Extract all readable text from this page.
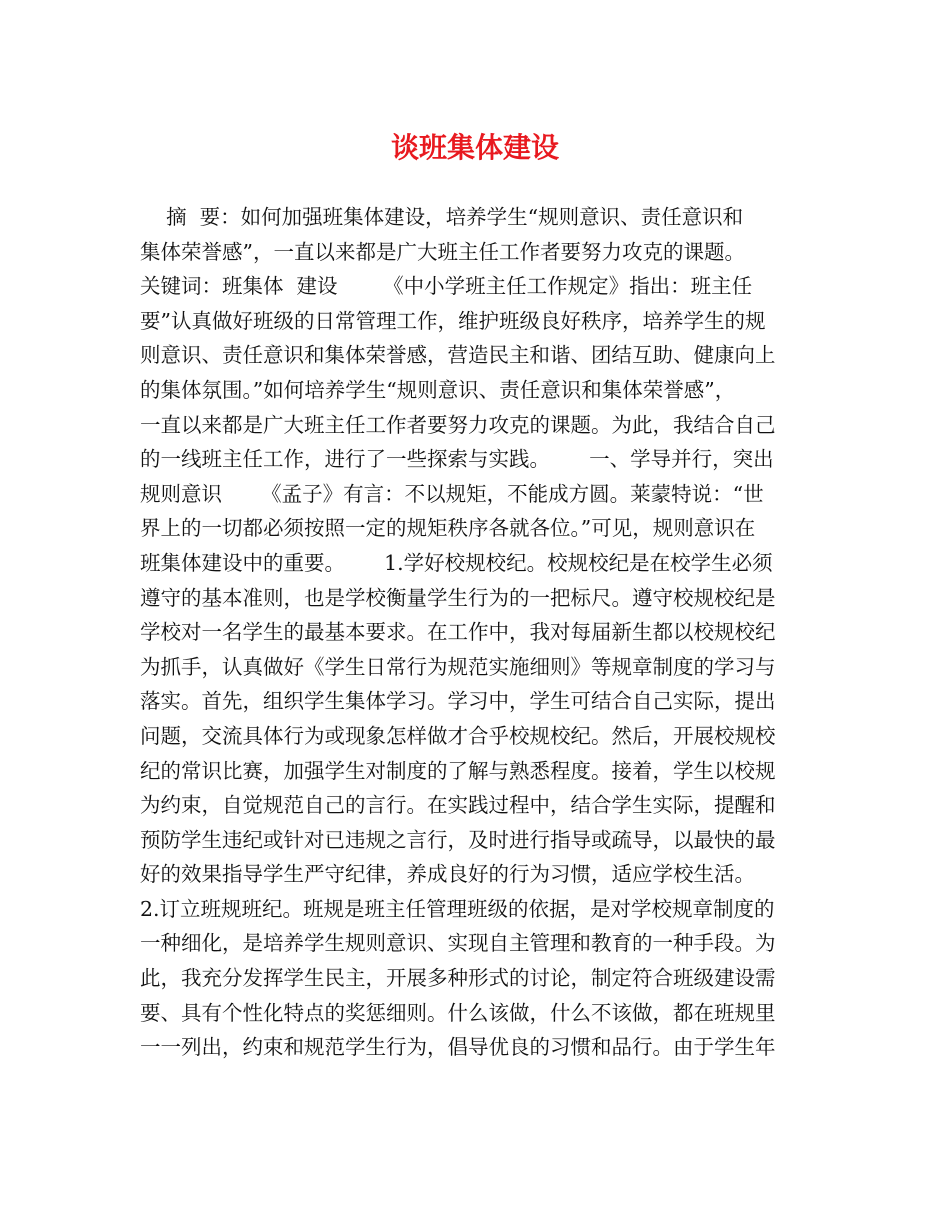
谈班集体建设
摘  要：如何加强班集体建设，培养学生“规则意识、责任意识和
集体荣誉感”，一直以来都是广大班主任工作者要努力攻克的课题。
关键词：班集体  建设       《中小学班主任工作规定》指出：班主任
要”认真做好班级的日常管理工作，维护班级良好秩序，培养学生的规
则意识、责任意识和集体荣誉感，营造民主和谐、团结互助、健康向上
的集体氛围。”如何培养学生“规则意识、责任意识和集体荣誉感”，
一直以来都是广大班主任工作者要努力攻克的课题。为此，我结合自己
的一线班主任工作，进行了一些探索与实践。      一、学导并行，突出
规则意识      《孟子》有言：不以规矩，不能成方圆。莱蒙特说：“世
界上的一切都必须按照一定的规矩秩序各就各位。”可见，规则意识在
班集体建设中的重要。      1.学好校规校纪。校规校纪是在校学生必须
遵守的基本准则，也是学校衡量学生行为的一把标尺。遵守校规校纪是
学校对一名学生的最基本要求。在工作中，我对每届新生都以校规校纪
为抓手，认真做好《学生日常行为规范实施细则》等规章制度的学习与
落实。首先，组织学生集体学习。学习中，学生可结合自己实际，提出
问题，交流具体行为或现象怎样做才合乎校规校纪。然后，开展校规校
纪的常识比赛，加强学生对制度的了解与熟悉程度。接着，学生以校规
为约束，自觉规范自己的言行。在实践过程中，结合学生实际，提醒和
预防学生违纪或针对已违规之言行，及时进行指导或疏导，以最快的最
好的效果指导学生严守纪律，养成良好的行为习惯，适应学校生活。
2.订立班规班纪。班规是班主任管理班级的依据，是对学校规章制度的
一种细化，是培养学生规则意识、实现自主管理和教育的一种手段。为
此，我充分发挥学生民主，开展多种形式的讨论，制定符合班级建设需
要、具有个性化特点的奖惩细则。什么该做，什么不该做，都在班规里
一一列出，约束和规范学生行为，倡导优良的习惯和品行。由于学生年
